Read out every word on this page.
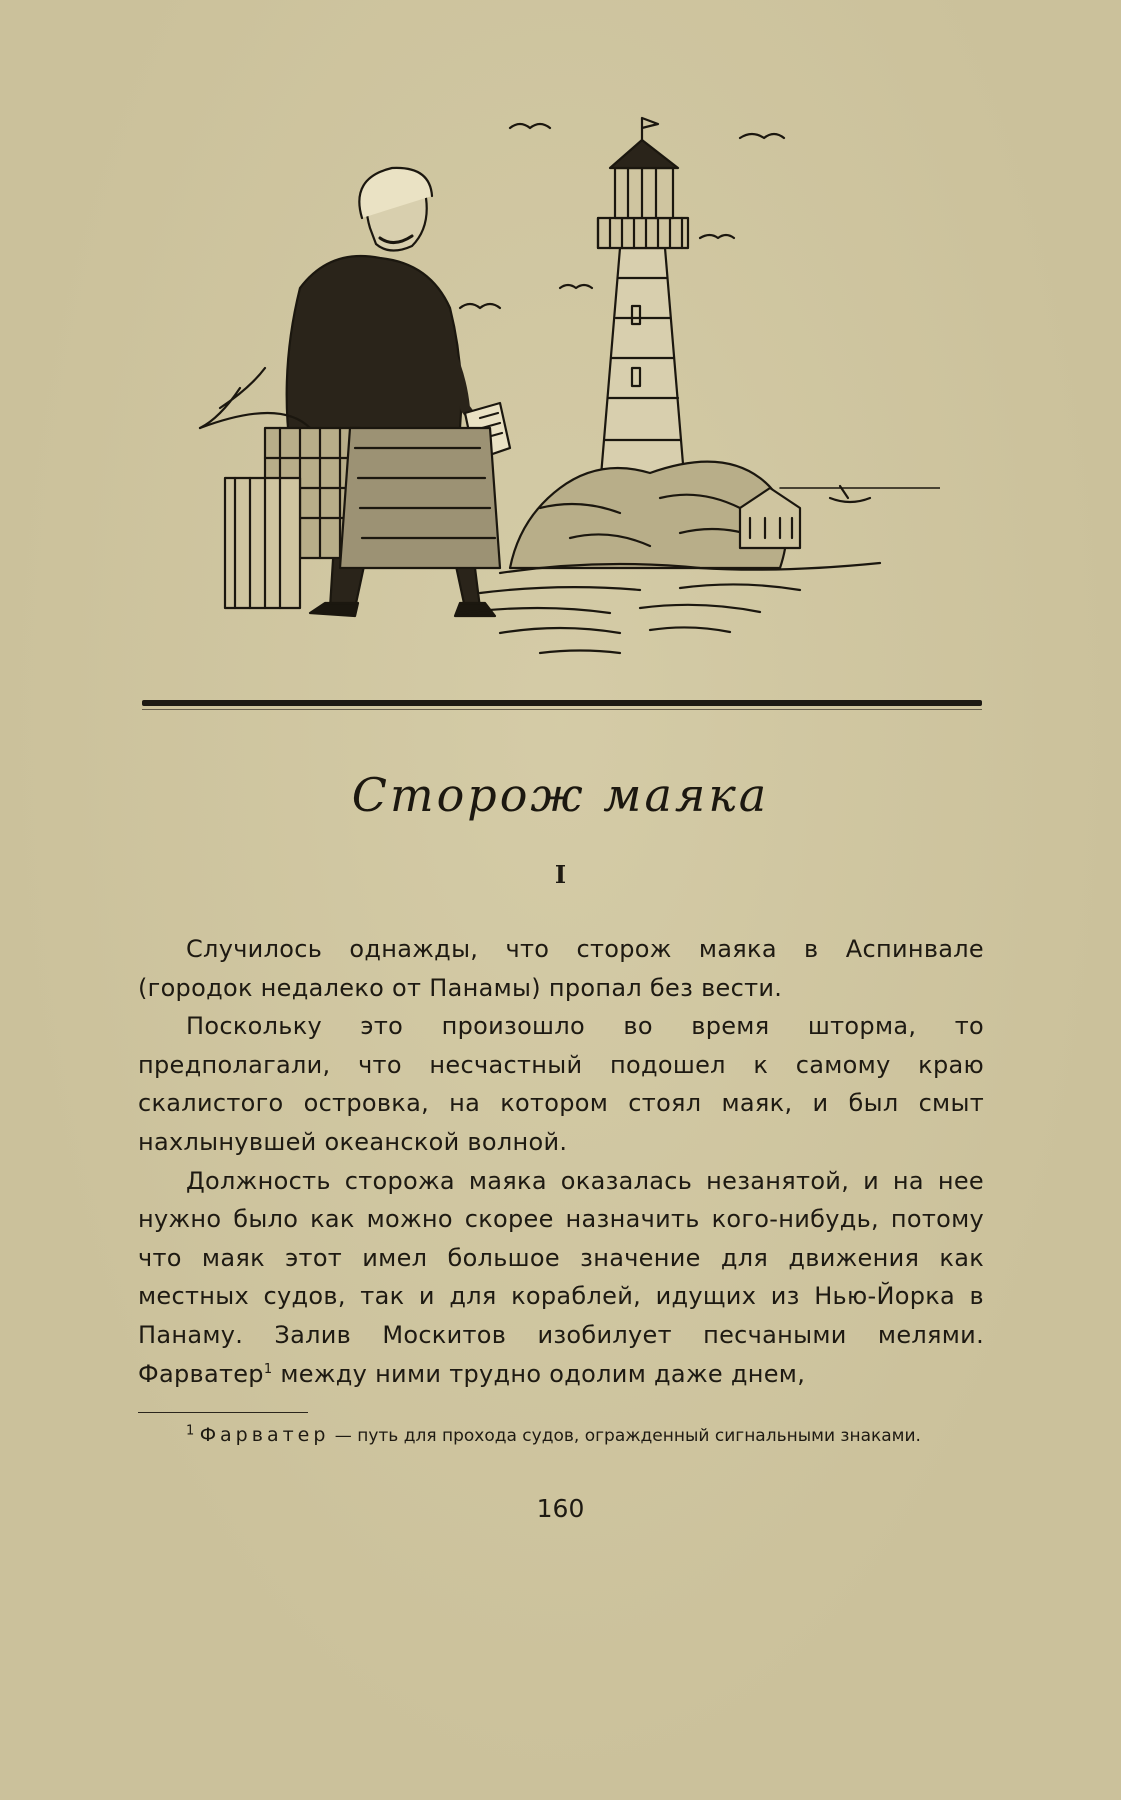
Сторож маяка
I

Случилось однажды, что сторож маяка в Аспинвале (городок недалеко от Панамы) пропал без вести.

Поскольку это произошло во время шторма, то предполагали, что несчастный подошел к самому краю скалистого островка, на котором стоял маяк, и был смыт нахлынувшей океанской волной.

Должность сторожа маяка оказалась незанятой, и на нее нужно было как можно скорее назначить кого-нибудь, потому что маяк этот имел большое значение для движения как местных судов, так и для кораблей, идущих из Нью-Йорка в Панаму. Залив Москитов изобилует песчаными мелями. Фарватер$^1$ между ними трудно одолим даже днем,

$^1$ Фарватер — путь для прохода судов, огражденный сигнальными знаками.
160
